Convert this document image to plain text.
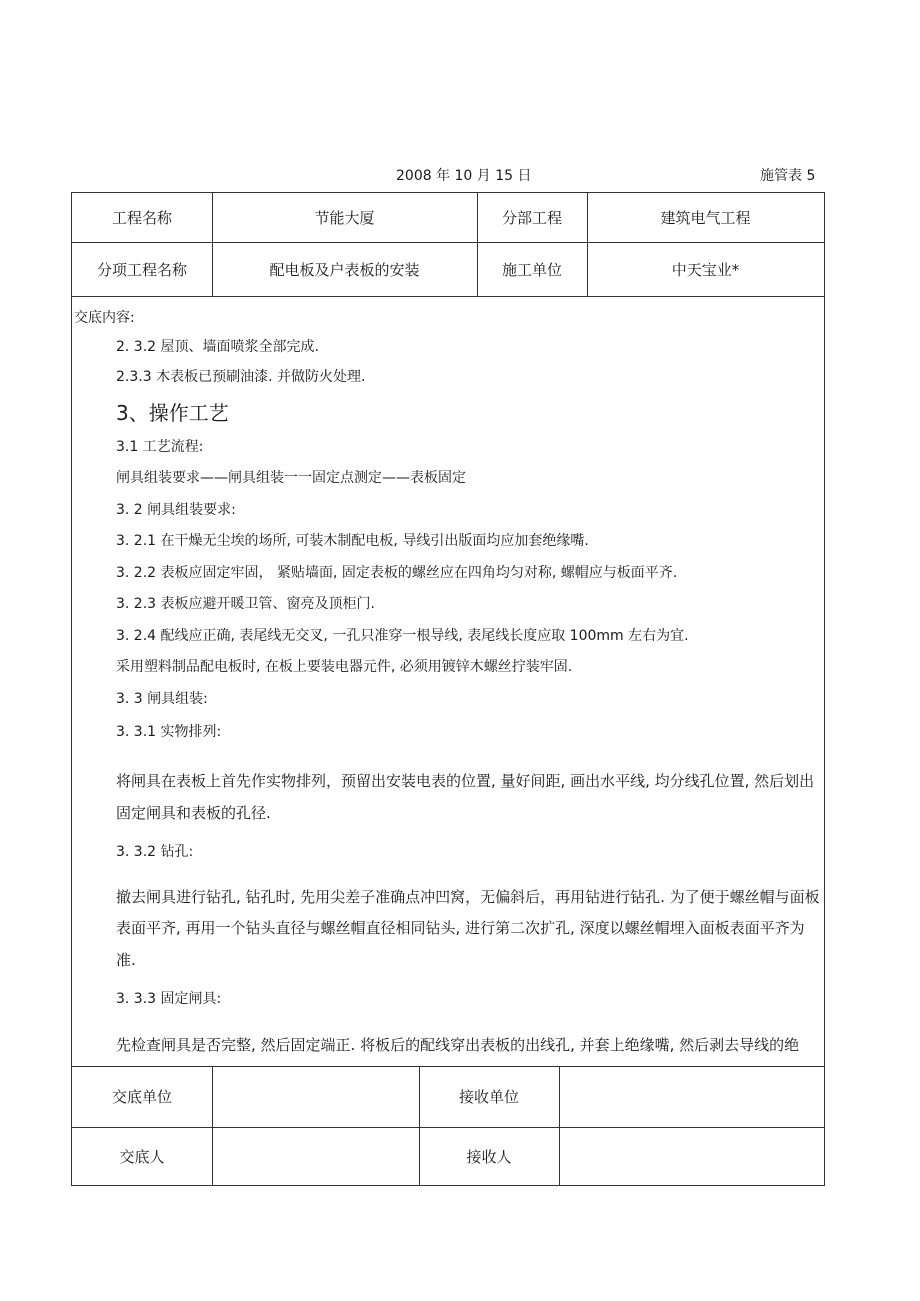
2008 年 10 月 15 日	施管表 5
工程名称	节能大厦	分部工程	建筑电气工程
分项工程名称	配电板及户表板的安装	施工单位	中天宝业*
交底单位	接收单位
交底人	接收人
交底内容:
2. 3.2 屋顶、墙面喷浆全部完成.
2.3.3 木表板已预刷油漆. 并做防火处理.
3、操作工艺
3.1 工艺流程:
闸具组装要求——闸具组装一一固定点测定——表板固定
3. 2 闸具组装要求:
3. 2.1 在干燥无尘埃的场所, 可装木制配电板, 导线引出版面均应加套绝缘嘴.
3. 2.2 表板应固定牢固， 紧贴墙面, 固定表板的螺丝应在四角均匀对称, 螺帽应与板面平齐.
3. 2.3 表板应避开暖卫管、窗亮及顶柜门.
3. 2.4 配线应正确, 表尾线无交叉, 一孔只准穿一根导线, 表尾线长度应取 100mm 左右为宜.
采用塑料制品配电板时, 在板上要装电器元件, 必须用镀锌木螺丝拧装牢固.
3. 3 闸具组装:
3. 3.1 实物排列:
将闸具在表板上首先作实物排列，预留出安装电表的位置, 量好间距, 画出水平线, 均分线孔位置, 然后划出
固定闸具和表板的孔径.
3. 3.2 钻孔:
撤去闸具进行钻孔, 钻孔时, 先用尖差子准确点冲凹窝，无偏斜后，再用钻进行钻孔. 为了便于螺丝帽与面板
表面平齐, 再用一个钻头直径与螺丝帽直径相同钻头, 进行第二次扩孔, 深度以螺丝帽埋入面板表面平齐为
准.
3. 3.3 固定闸具:
先检查闸具是否完整, 然后固定端正. 将板后的配线穿出表板的出线孔, 并套上绝缘嘴, 然后剥去导线的绝
